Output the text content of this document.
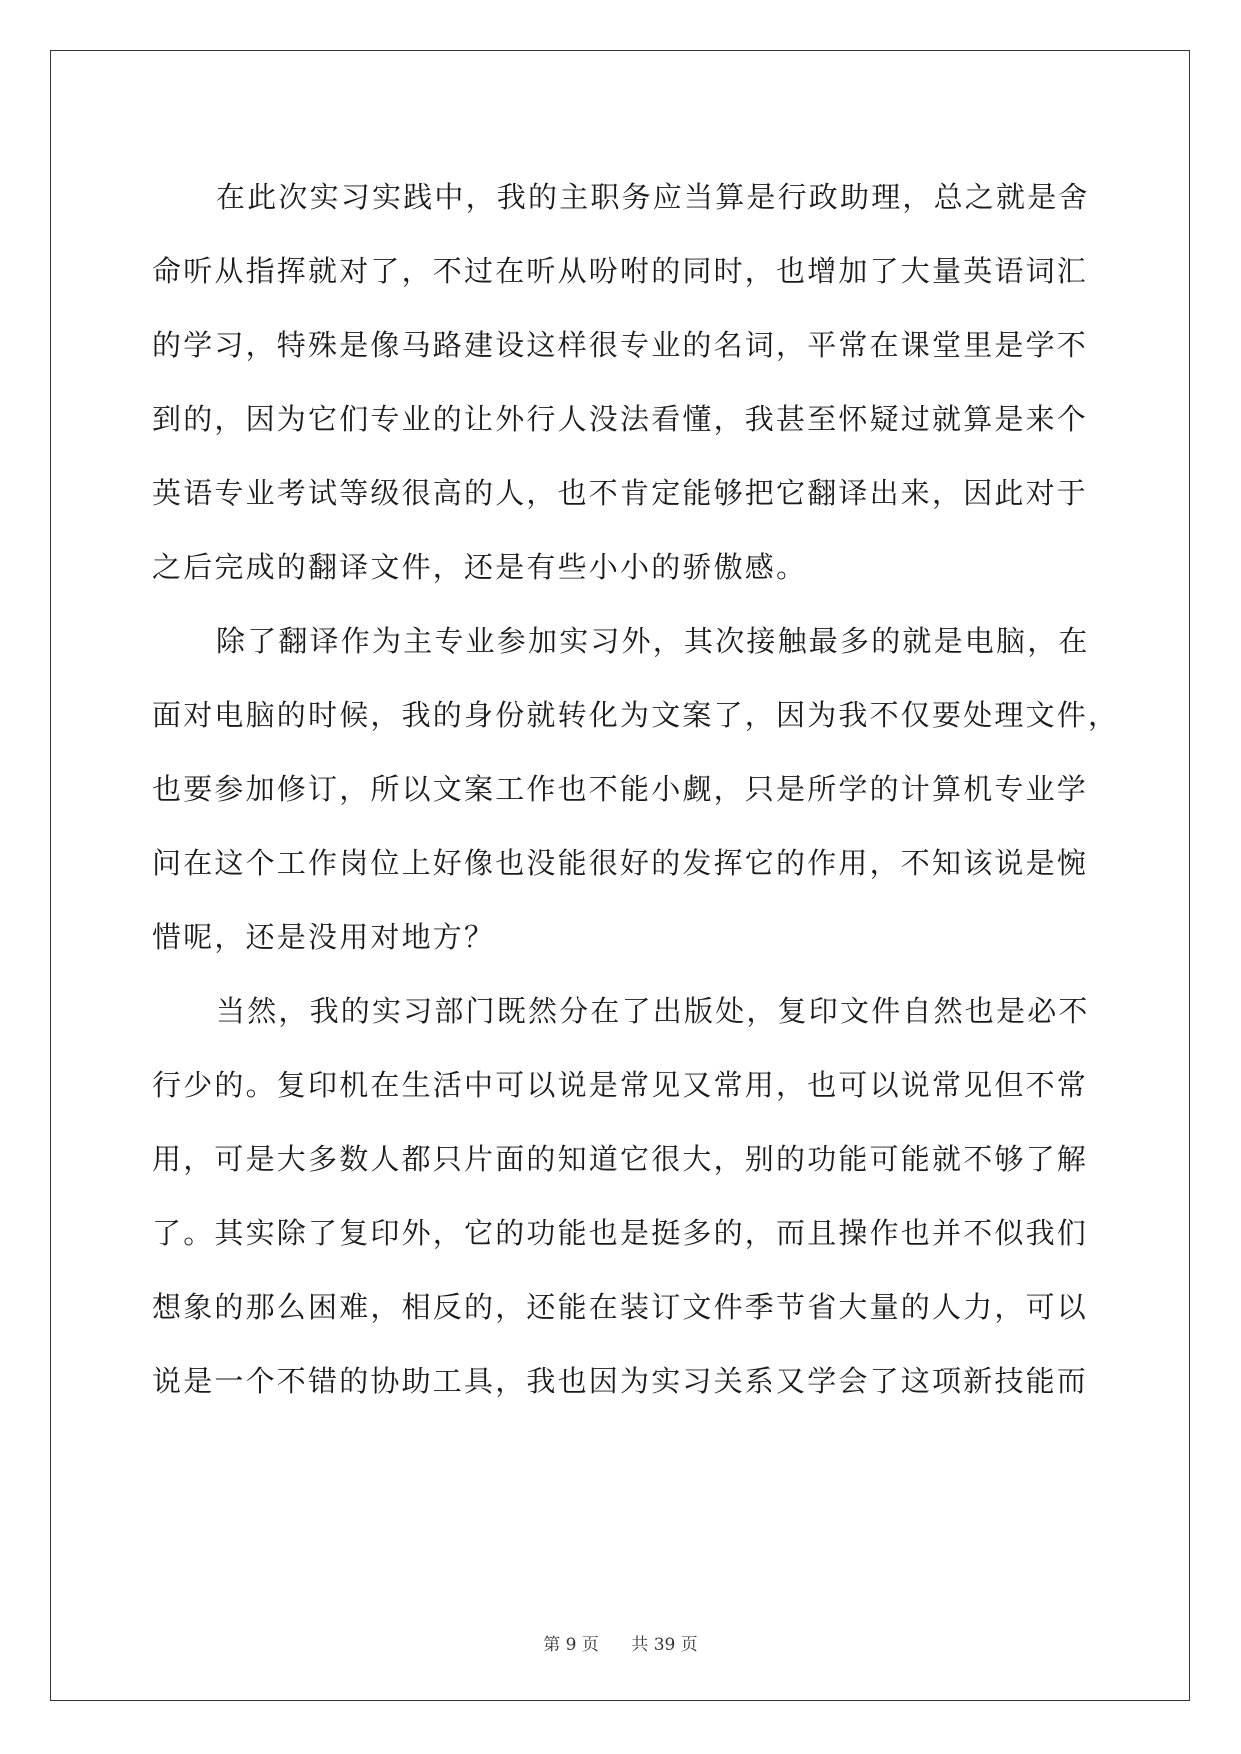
在此次实习实践中，我的主职务应当算是行政助理，总之就是舍
命听从指挥就对了，不过在听从吩咐的同时，也增加了大量英语词汇
的学习，特殊是像马路建设这样很专业的名词，平常在课堂里是学不
到的，因为它们专业的让外行人没法看懂，我甚至怀疑过就算是来个
英语专业考试等级很高的人，也不肯定能够把它翻译出来，因此对于
之后完成的翻译文件，还是有些小小的骄傲感。
除了翻译作为主专业参加实习外，其次接触最多的就是电脑，在
面对电脑的时候，我的身份就转化为文案了，因为我不仅要处理文件，
也要参加修订，所以文案工作也不能小觑，只是所学的计算机专业学
问在这个工作岗位上好像也没能很好的发挥它的作用，不知该说是惋
惜呢，还是没用对地方？
当然，我的实习部门既然分在了出版处，复印文件自然也是必不
行少的。复印机在生活中可以说是常见又常用，也可以说常见但不常
用，可是大多数人都只片面的知道它很大，别的功能可能就不够了解
了。其实除了复印外，它的功能也是挺多的，而且操作也并不似我们
想象的那么困难，相反的，还能在装订文件季节省大量的人力，可以
说是一个不错的协助工具，我也因为实习关系又学会了这项新技能而
第 9 页 共 39 页
